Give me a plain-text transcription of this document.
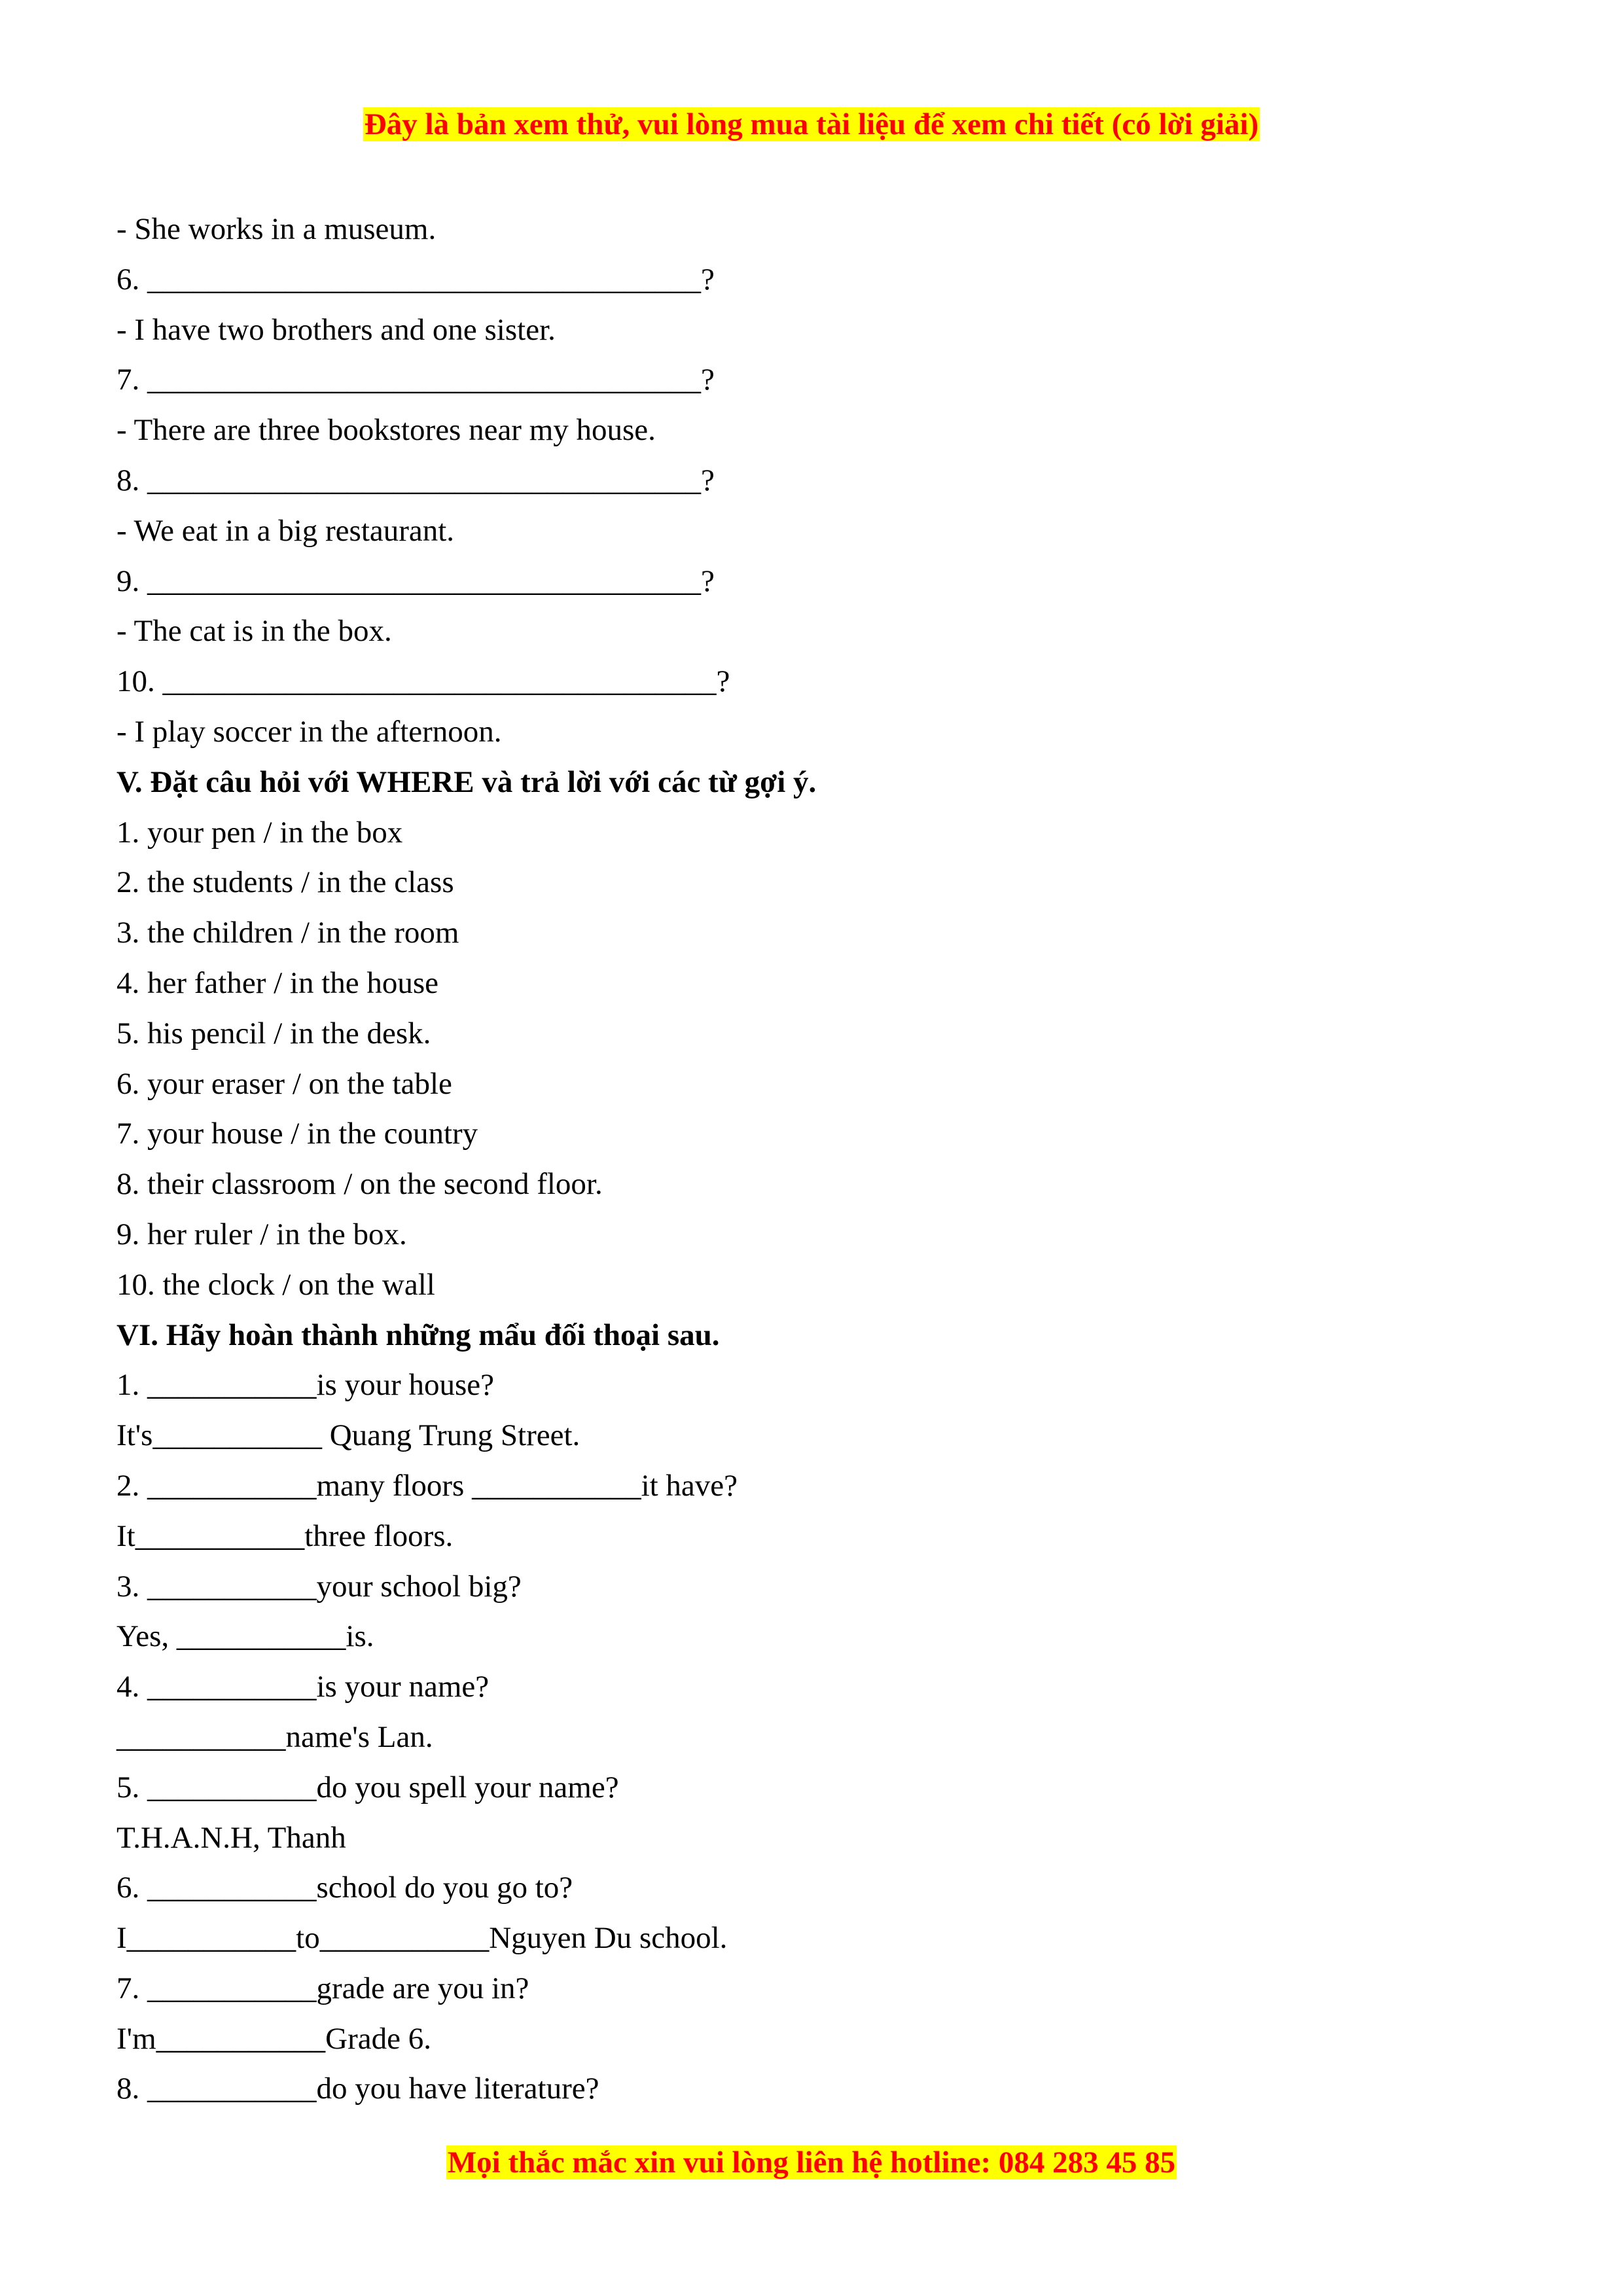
Đây là bản xem thử, vui lòng mua tài liệu để xem chi tiết (có lời giải)
- She works in a museum.
6. ____________________________________?
- I have two brothers and one sister.
7. ____________________________________?
- There are three bookstores near my house.
8. ____________________________________?
- We eat in a big restaurant.
9. ____________________________________?
- The cat is in the box.
10. ____________________________________?
- I play soccer in the afternoon.
V. Đặt câu hỏi với WHERE và trả lời với các từ gợi ý.
1. your pen / in the box
2. the students / in the class
3. the children / in the room
4. her father / in the house
5. his pencil / in the desk.
6. your eraser / on the table
7. your house / in the country
8. their classroom / on the second floor.
9. her ruler / in the box.
10. the clock / on the wall
VI. Hãy hoàn thành những mẩu đối thoại sau.
1. ___________is your house?
It's___________ Quang Trung Street.
2. ___________many floors ___________it have?
It___________three floors.
3. ___________your school big?
Yes, ___________is.
4. ___________is your name?
___________name's Lan.
5. ___________do you spell your name?
T.H.A.N.H, Thanh
6. ___________school do you go to?
I___________to___________Nguyen Du school.
7. ___________grade are you in?
I'm___________Grade 6.
8. ___________do you have literature?
Mọi thắc mắc xin vui lòng liên hệ hotline: 084 283 45 85
